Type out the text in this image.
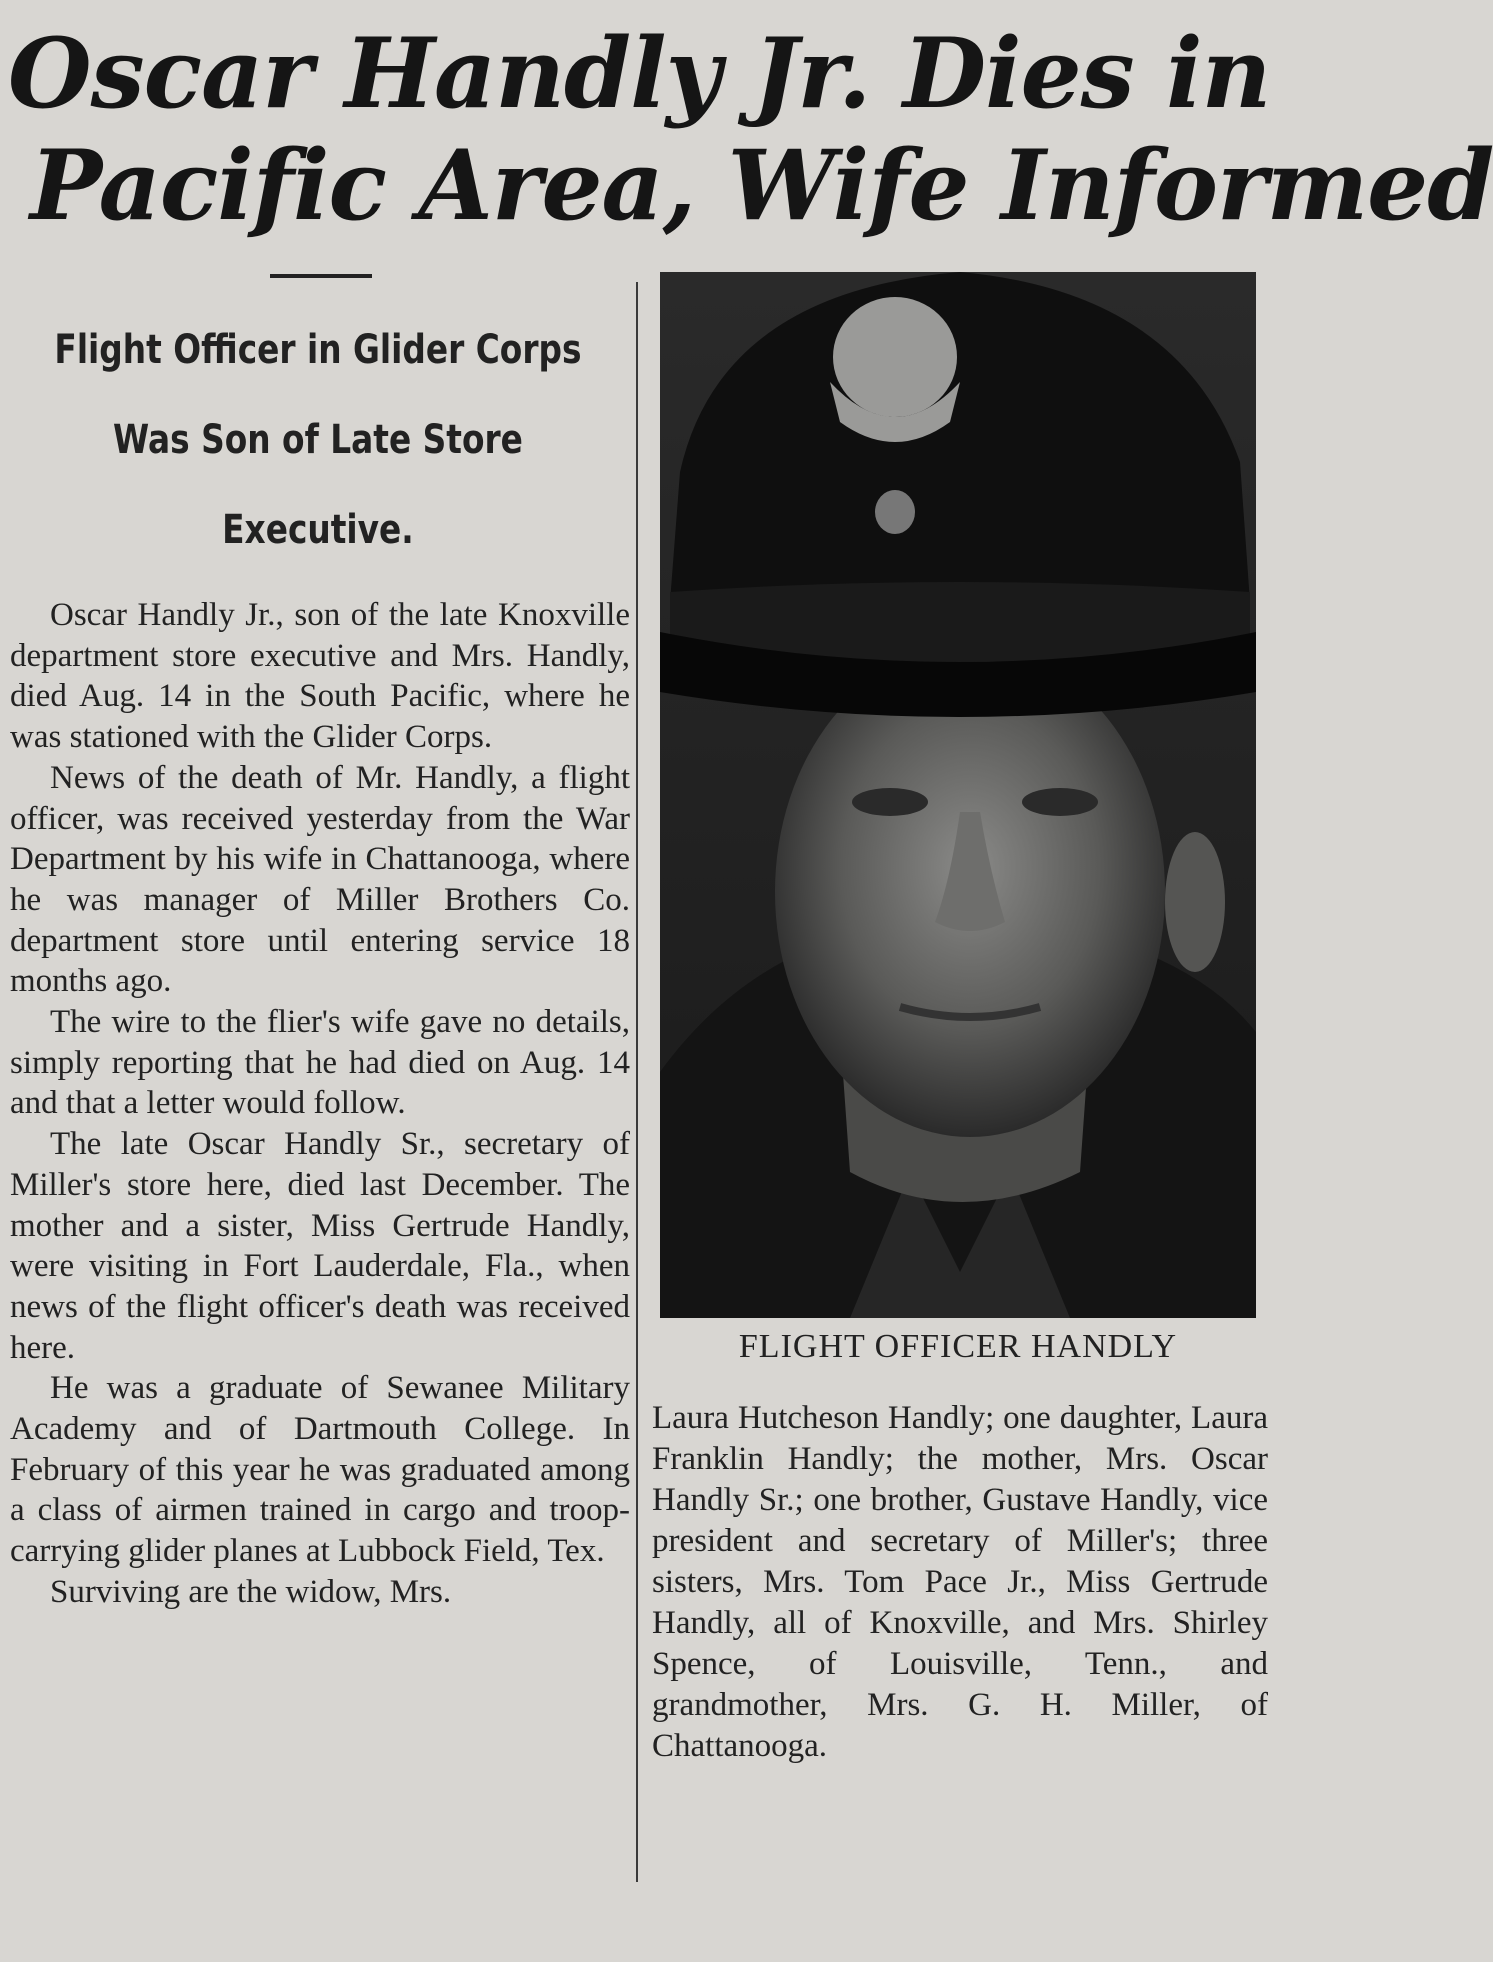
Oscar Handly Jr. Dies in
Pacific Area, Wife Informed
Flight Officer in Glider Corps
Was Son of Late Store
Executive.

Oscar Handly Jr., son of the late Knoxville department store executive and Mrs. Handly, died Aug. 14 in the South Pacific, where he was stationed with the Glider Corps.

News of the death of Mr. Handly, a flight officer, was received yesterday from the War Department by his wife in Chattanooga, where he was manager of Miller Brothers Co. department store until entering service 18 months ago.

The wire to the flier's wife gave no details, simply reporting that he had died on Aug. 14 and that a letter would follow.

The late Oscar Handly Sr., secretary of Miller's store here, died last December. The mother and a sister, Miss Gertrude Handly, were visiting in Fort Lauderdale, Fla., when news of the flight officer's death was received here.

He was a graduate of Sewanee Military Academy and of Dartmouth College. In February of this year he was graduated among a class of airmen trained in cargo and troop-carrying glider planes at Lubbock Field, Tex.

Surviving are the widow, Mrs.

FLIGHT OFFICER HANDLY

Laura Hutcheson Handly; one daughter, Laura Franklin Handly; the mother, Mrs. Oscar Handly Sr.; one brother, Gustave Handly, vice president and secretary of Miller's; three sisters, Mrs. Tom Pace Jr., Miss Gertrude Handly, all of Knoxville, and Mrs. Shirley Spence, of Louisville, Tenn., and grandmother, Mrs. G. H. Miller, of Chattanooga.
